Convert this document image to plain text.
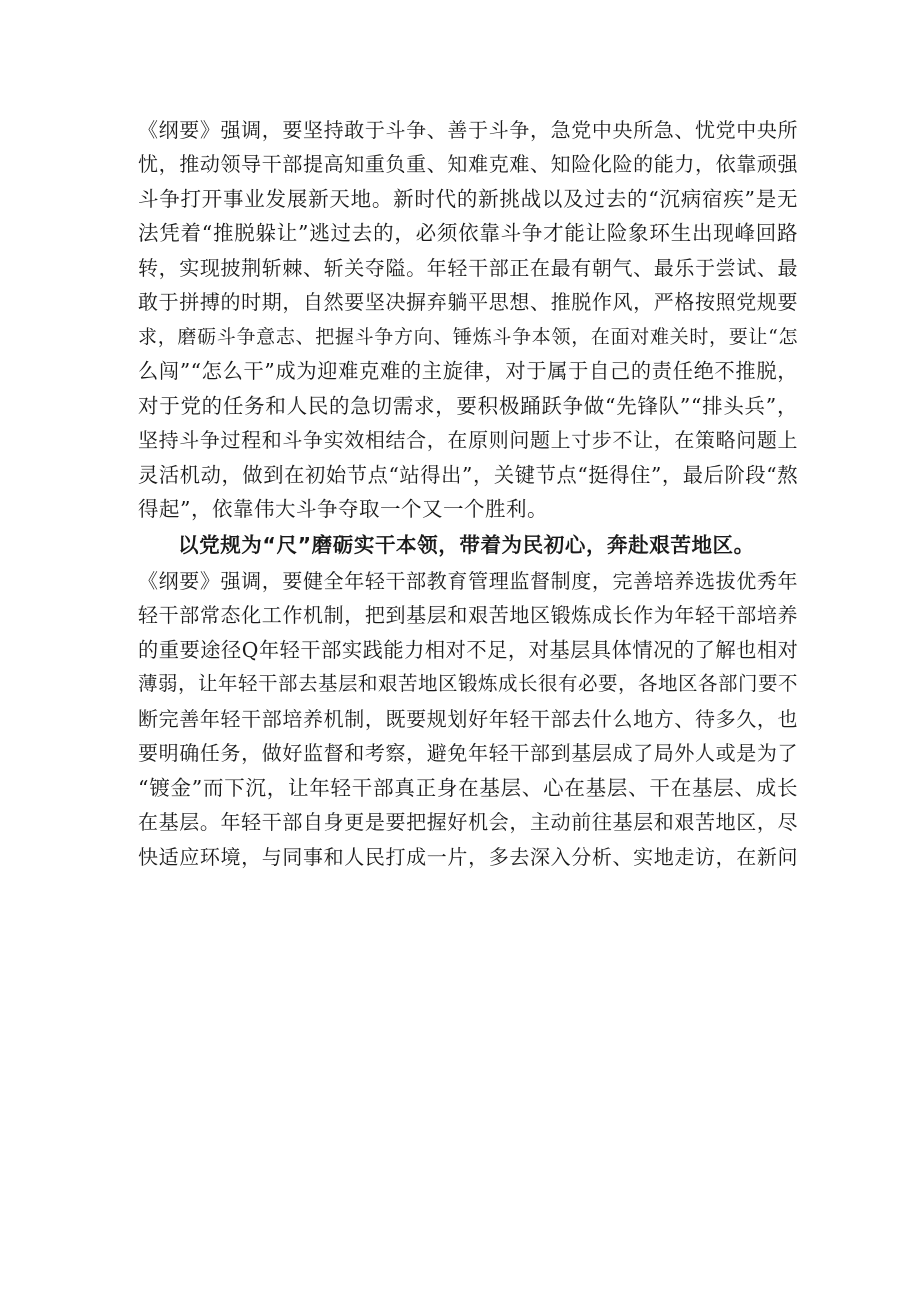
《纲要》强调，要坚持敢于斗争、善于斗争，急党中央所急、忧党中央所
忧，推动领导干部提高知重负重、知难克难、知险化险的能力，依靠顽强
斗争打开事业发展新天地。新时代的新挑战以及过去的“沉病宿疾”是无
法凭着“推脱躲让”逃过去的，必须依靠斗争才能让险象环生出现峰回路
转，实现披荆斩棘、斩关夺隘。年轻干部正在最有朝气、最乐于尝试、最
敢于拼搏的时期，自然要坚决摒弃躺平思想、推脱作风，严格按照党规要
求，磨砺斗争意志、把握斗争方向、锤炼斗争本领，在面对难关时，要让“怎
么闯”“怎么干”成为迎难克难的主旋律，对于属于自己的责任绝不推脱，
对于党的任务和人民的急切需求，要积极踊跃争做“先锋队”“排头兵”，
坚持斗争过程和斗争实效相结合，在原则问题上寸步不让，在策略问题上
灵活机动，做到在初始节点“站得出”，关键节点“挺得住”，最后阶段“熬
得起”，依靠伟大斗争夺取一个又一个胜利。
以党规为“尺”磨砺实干本领，带着为民初心，奔赴艰苦地区。
《纲要》强调，要健全年轻干部教育管理监督制度，完善培养选拔优秀年
轻干部常态化工作机制，把到基层和艰苦地区锻炼成长作为年轻干部培养
的重要途径Q年轻干部实践能力相对不足，对基层具体情况的了解也相对
薄弱，让年轻干部去基层和艰苦地区锻炼成长很有必要，各地区各部门要不
断完善年轻干部培养机制，既要规划好年轻干部去什么地方、待多久，也
要明确任务，做好监督和考察，避免年轻干部到基层成了局外人或是为了
“镀金”而下沉，让年轻干部真正身在基层、心在基层、干在基层、成长
在基层。年轻干部自身更是要把握好机会，主动前往基层和艰苦地区，尽
快适应环境，与同事和人民打成一片，多去深入分析、实地走访，在新问
